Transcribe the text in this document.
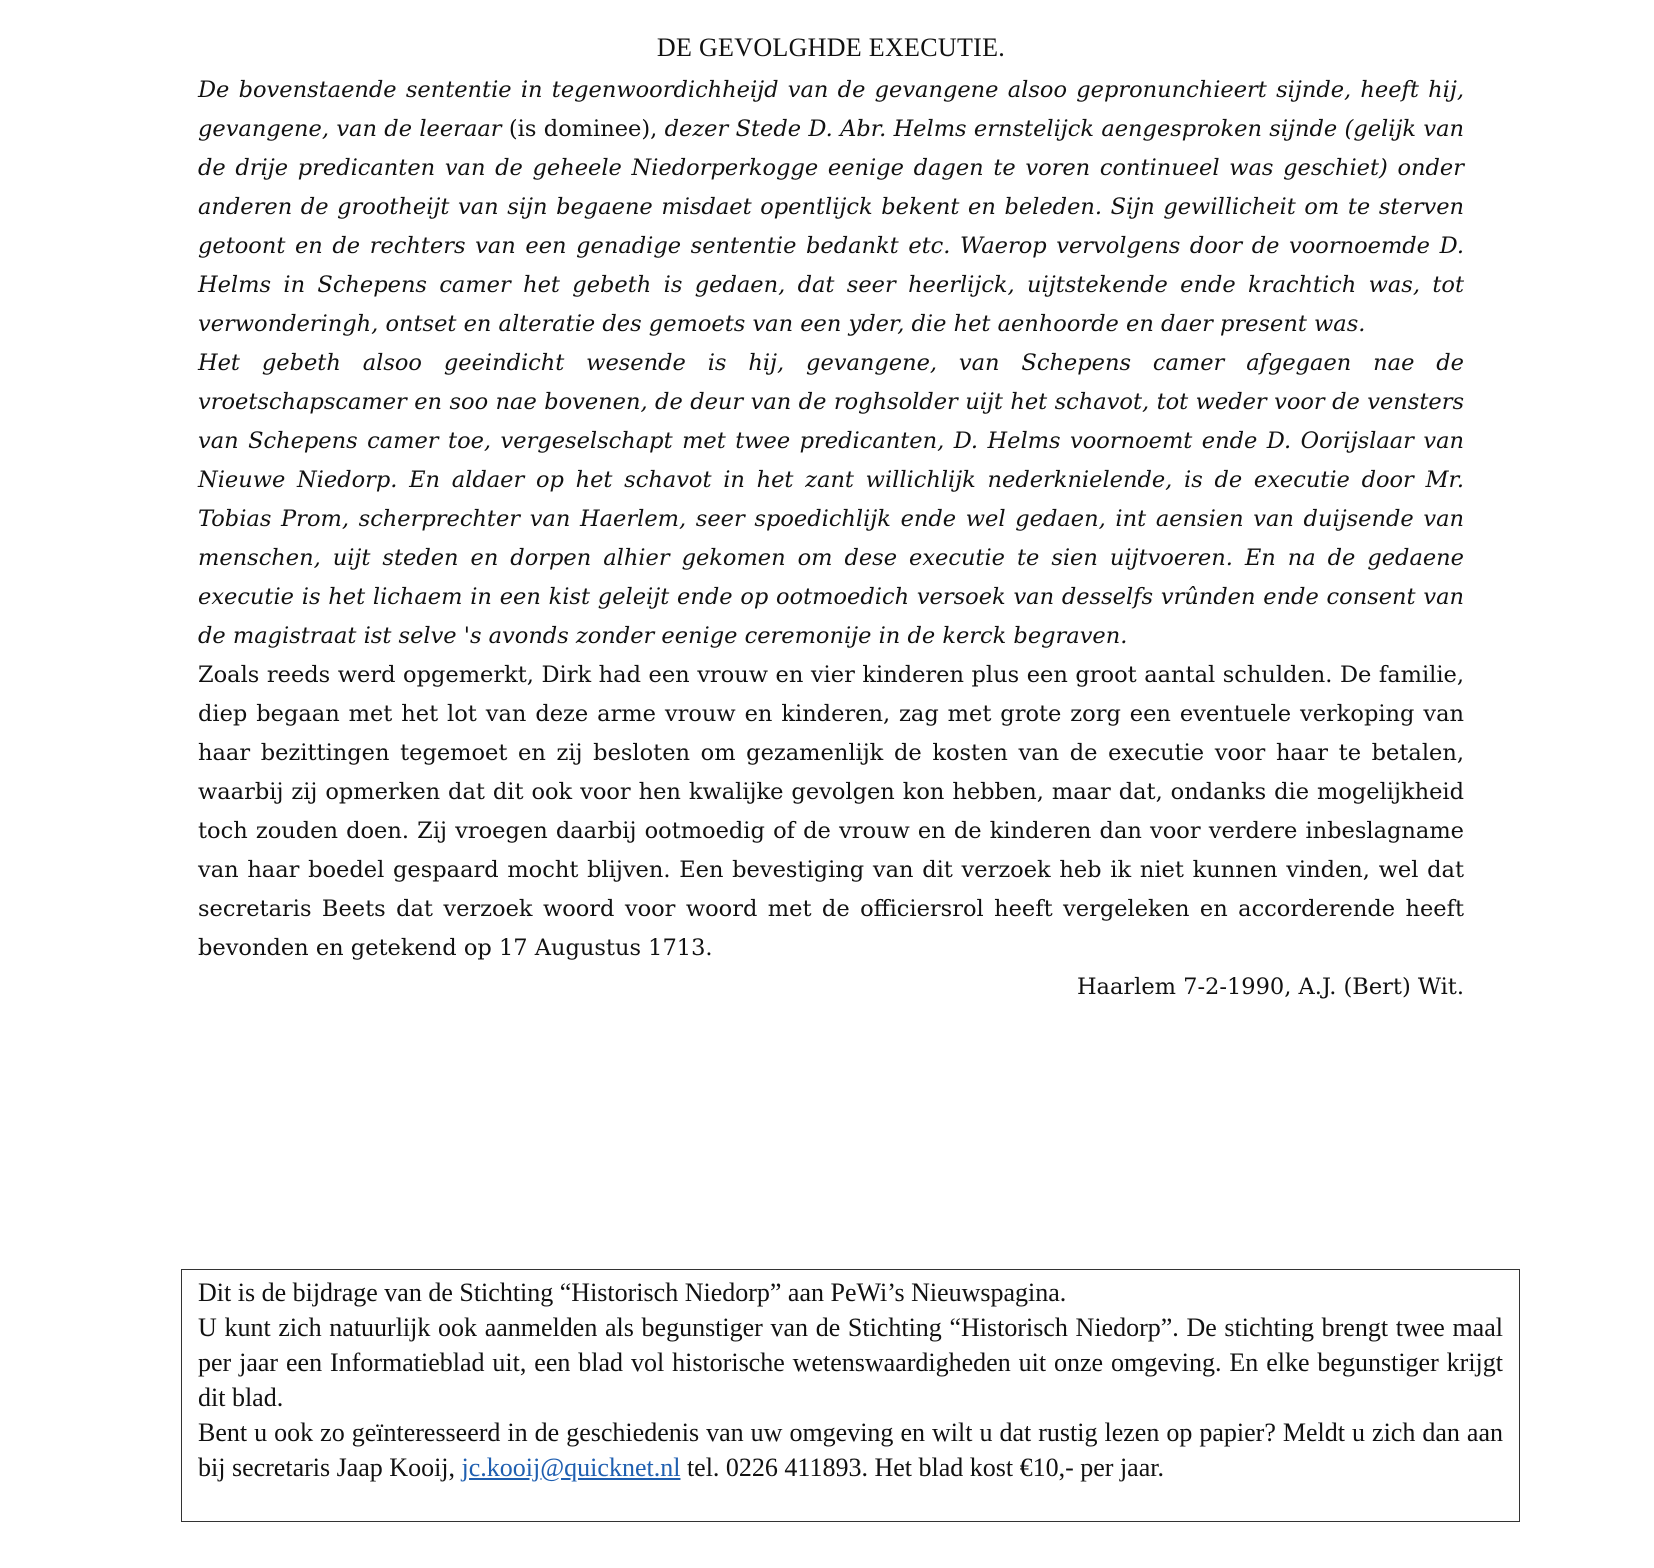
DE GEVOLGHDE EXECUTIE.

De bovenstaende sententie in tegenwoordichheijd van de gevangene alsoo gepronunchieert sijnde, heeft hij, gevangene, van de leeraar (is dominee), dezer Stede D. Abr. Helms ernstelijck aengesproken sijnde (gelijk van de drije predicanten van de geheele Niedorperkogge eenige dagen te voren continueel was geschiet) onder anderen de grootheijt van sijn begaene misdaet opentlijck bekent en beleden. Sijn gewillicheit om te sterven getoont en de rechters van een genadige sententie bedankt etc. Waerop vervolgens door de voornoemde D. Helms in Schepens camer het gebeth is gedaen, dat seer heerlijck, uijtstekende ende krachtich was, tot verwonderingh, ontset en alteratie des gemoets van een yder, die het aenhoorde en daer present was.

Het gebeth alsoo geeindicht wesende is hij, gevangene, van Schepens camer afgegaen nae de vroetschapscamer en soo nae bovenen, de deur van de roghsolder uijt het schavot, tot weder voor de vensters van Schepens camer toe, vergeselschapt met twee predicanten, D. Helms voornoemt ende D. Oorijslaar van Nieuwe Niedorp. En aldaer op het schavot in het zant willichlijk nederknielende, is de executie door Mr. Tobias Prom, scherprechter van Haerlem, seer spoedichlijk ende wel gedaen, int aensien van duijsende van menschen, uijt steden en dorpen alhier gekomen om dese executie te sien uijtvoeren. En na de gedaene executie is het lichaem in een kist geleijt ende op ootmoedich versoek van desselfs vrûnden ende consent van de magistraat ist selve 's avonds zonder eenige ceremonije in de kerck begraven.

Zoals reeds werd opgemerkt, Dirk had een vrouw en vier kinderen plus een groot aantal schulden. De familie, diep begaan met het lot van deze arme vrouw en kinderen, zag met grote zorg een eventuele verkoping van haar bezittingen tegemoet en zij besloten om gezamenlijk de kosten van de executie voor haar te betalen, waarbij zij opmerken dat dit ook voor hen kwalijke gevolgen kon hebben, maar dat, ondanks die mogelijkheid toch zouden doen. Zij vroegen daarbij ootmoedig of de vrouw en de kinderen dan voor verdere inbeslagname van haar boedel gespaard mocht blijven. Een bevestiging van dit verzoek heb ik niet kunnen vinden, wel dat secretaris Beets dat verzoek woord voor woord met de officiersrol heeft vergeleken en accorderende heeft bevonden en getekend op 17 Augustus 1713.

Haarlem 7-2-1990, A.J. (Bert) Wit.

Dit is de bijdrage van de Stichting “Historisch Niedorp” aan PeWi’s Nieuwspagina.

U kunt zich natuurlijk ook aanmelden als begunstiger van de Stichting “Historisch Niedorp”. De stichting brengt twee maal per jaar een Informatieblad uit, een blad vol historische wetenswaardigheden uit onze omgeving. En elke begunstiger krijgt dit blad.

Bent u ook zo geïnteresseerd in de geschiedenis van uw omgeving en wilt u dat rustig lezen op papier? Meldt u zich dan aan bij secretaris Jaap Kooij, jc.kooij@quicknet.nl tel. 0226 411893. Het blad kost €10,- per jaar.
